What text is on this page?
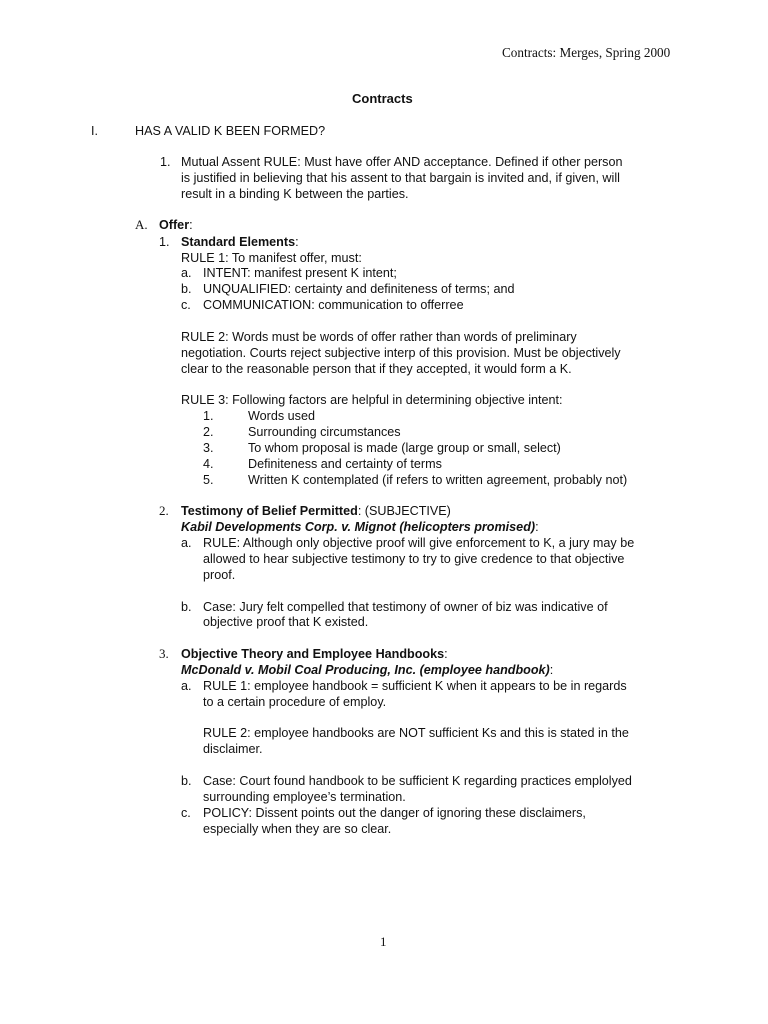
Contracts: Merges, Spring 2000
Contracts
I.	HAS A VALID K BEEN FORMED?
1. Mutual Assent RULE: Must have offer AND acceptance. Defined if other person
is justified in believing that his assent to that bargain is invited and, if given, will
result in a binding K between the parties.
A. Offer:
1. Standard Elements:
RULE 1: To manifest offer, must:
a. INTENT: manifest present K intent;
b. UNQUALIFIED: certainty and definiteness of terms; and
c. COMMUNICATION: communication to offerree
RULE 2: Words must be words of offer rather than words of preliminary
negotiation. Courts reject subjective interp of this provision. Must be objectively
clear to the reasonable person that if they accepted, it would form a K.
RULE 3: Following factors are helpful in determining objective intent:
1.	Words used
2.	Surrounding circumstances
3.	To whom proposal is made (large group or small, select)
4.	Definiteness and certainty of terms
5.	Written K contemplated (if refers to written agreement, probably not)
2. Testimony of Belief Permitted: (SUBJECTIVE)
Kabil Developments Corp. v. Mignot (helicopters promised):
a. RULE: Although only objective proof will give enforcement to K, a jury may be
allowed to hear subjective testimony to try to give credence to that objective
proof.
b. Case: Jury felt compelled that testimony of owner of biz was indicative of
objective proof that K existed.
3. Objective Theory and Employee Handbooks:
McDonald v. Mobil Coal Producing, Inc. (employee handbook):
a. RULE 1: employee handbook = sufficient K when it appears to be in regards
to a certain procedure of employ.
RULE 2: employee handbooks are NOT sufficient Ks and this is stated in the
disclaimer.
b. Case: Court found handbook to be sufficient K regarding practices emplolyed
surrounding employee’s termination.
c. POLICY: Dissent points out the danger of ignoring these disclaimers,
especially when they are so clear.
1
